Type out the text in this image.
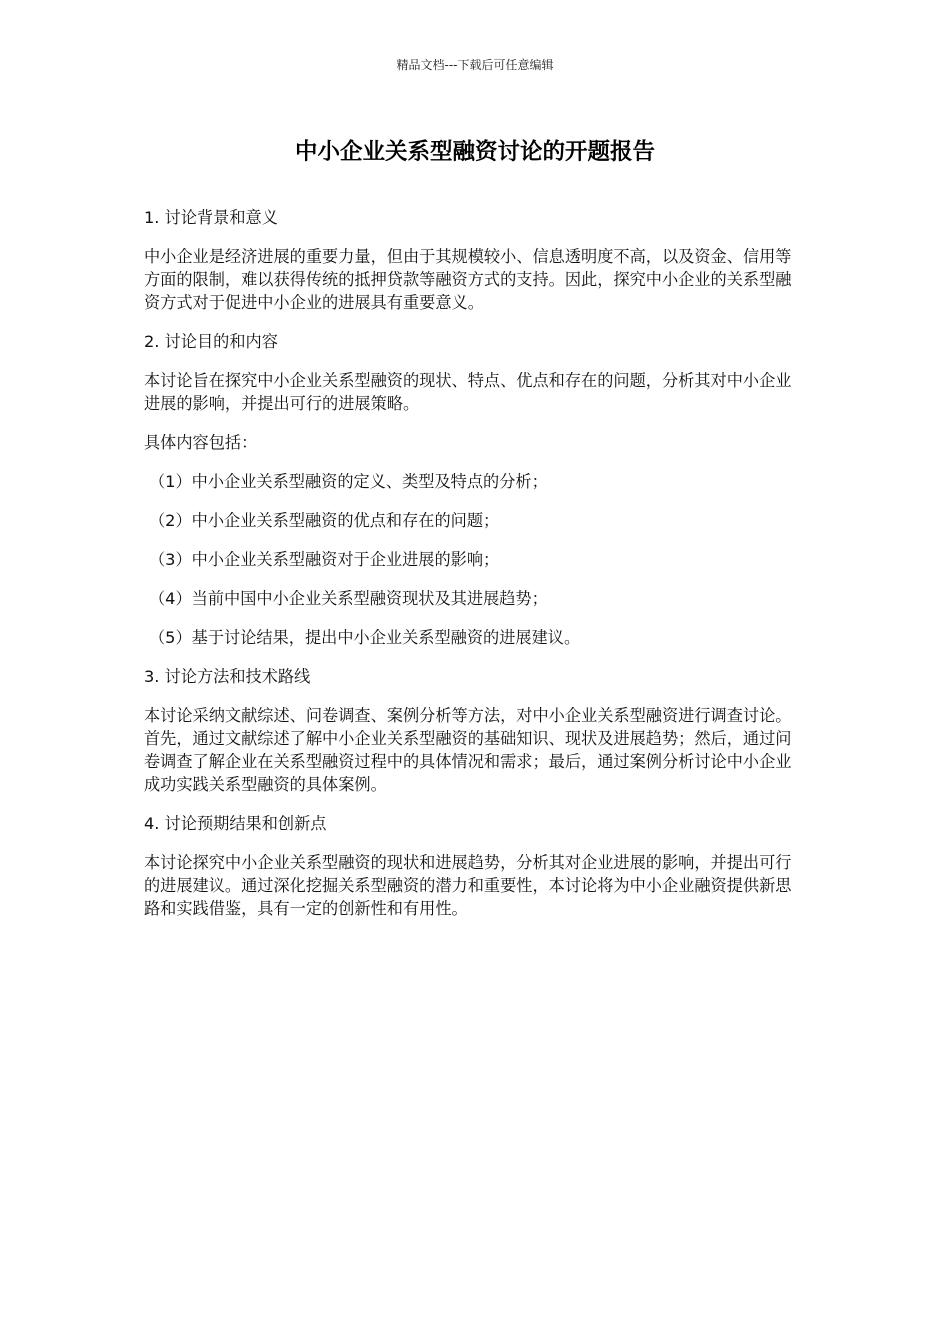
精品文档---下载后可任意编辑
中小企业关系型融资讨论的开题报告

1. 讨论背景和意义

中小企业是经济进展的重要力量，但由于其规模较小、信息透明度不高，以及资金、信用等方面的限制，难以获得传统的抵押贷款等融资方式的支持。因此，探究中小企业的关系型融资方式对于促进中小企业的进展具有重要意义。

2. 讨论目的和内容

本讨论旨在探究中小企业关系型融资的现状、特点、优点和存在的问题，分析其对中小企业进展的影响，并提出可行的进展策略。

具体内容包括：

（1）中小企业关系型融资的定义、类型及特点的分析；

（2）中小企业关系型融资的优点和存在的问题；

（3）中小企业关系型融资对于企业进展的影响；

（4）当前中国中小企业关系型融资现状及其进展趋势；

（5）基于讨论结果，提出中小企业关系型融资的进展建议。

3. 讨论方法和技术路线

本讨论采纳文献综述、问卷调查、案例分析等方法，对中小企业关系型融资进行调查讨论。首先，通过文献综述了解中小企业关系型融资的基础知识、现状及进展趋势；然后，通过问卷调查了解企业在关系型融资过程中的具体情况和需求；最后，通过案例分析讨论中小企业成功实践关系型融资的具体案例。

4. 讨论预期结果和创新点

本讨论探究中小企业关系型融资的现状和进展趋势，分析其对企业进展的影响，并提出可行的进展建议。通过深化挖掘关系型融资的潜力和重要性，本讨论将为中小企业融资提供新思路和实践借鉴，具有一定的创新性和有用性。
